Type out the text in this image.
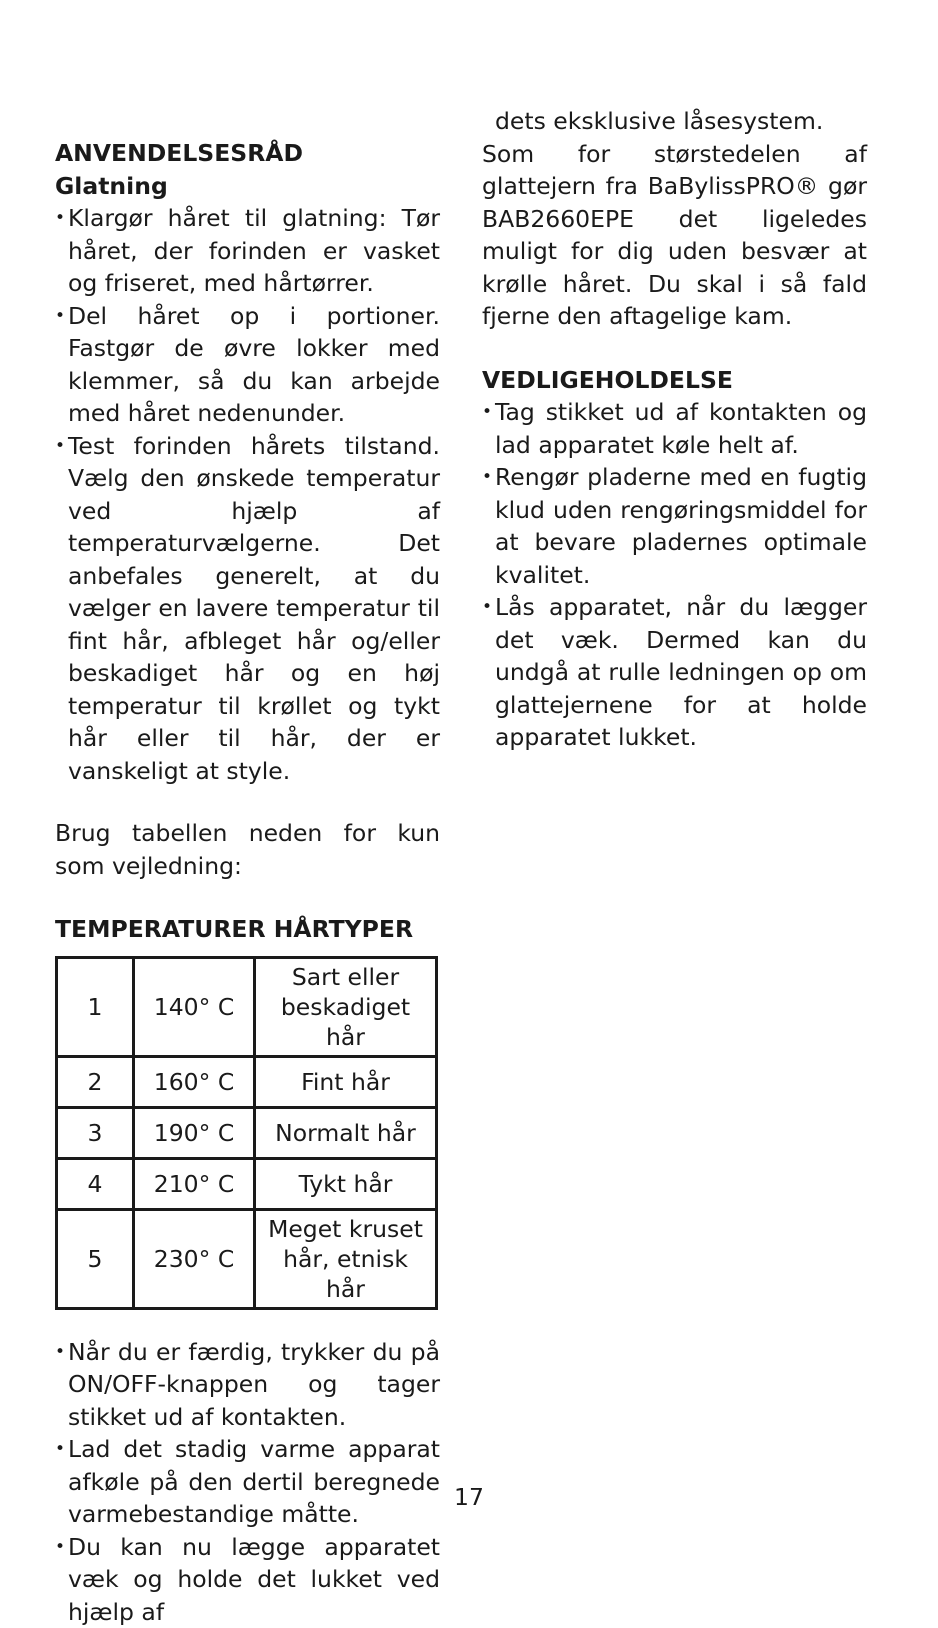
ANVENDELSESRÅD

Glatning

• Klargør håret til glatning: Tør håret, der forinden er vasket og friseret, med hårtørrer.
• Del håret op i portioner. Fastgør de øvre lokker med klemmer, så du kan arbejde med håret nedenunder.
• Test forinden hårets tilstand. Vælg den ønskede temperatur ved hjælp af temperaturvælgerne. Det anbefales generelt, at du vælger en lavere temperatur til fint hår, afbleget hår og/eller beskadiget hår og en høj temperatur til krøllet og tykt hår eller til hår, der er vanskeligt at style.

Brug tabellen neden for kun som vejledning:

TEMPERATURER HÅRTYPER

1	140° C	Sart eller beskadiget hår
2	160° C	Fint hår
3	190° C	Normalt hår
4	210° C	Tykt hår
5	230° C	Meget kruset hår, etnisk hår
• Når du er færdig, trykker du på ON/OFF-knappen og tager stikket ud af kontakten.
• Lad det stadig varme apparat afkøle på den dertil beregnede varmebestandige måtte.
• Du kan nu lægge apparatet væk og holde det lukket ved hjælp af

dets eksklusive låsesystem.

Som for størstedelen af glattejern fra BaBylissPRO® gør BAB2660EPE det ligeledes muligt for dig uden besvær at krølle håret. Du skal i så fald fjerne den aftagelige kam.

VEDLIGEHOLDELSE

• Tag stikket ud af kontakten og lad apparatet køle helt af.
• Rengør pladerne med en fugtig klud uden rengøringsmiddel for at bevare pladernes optimale kvalitet.
• Lås apparatet, når du lægger det væk. Dermed kan du undgå at rulle ledningen op om glattejernene for at holde apparatet lukket.
17
